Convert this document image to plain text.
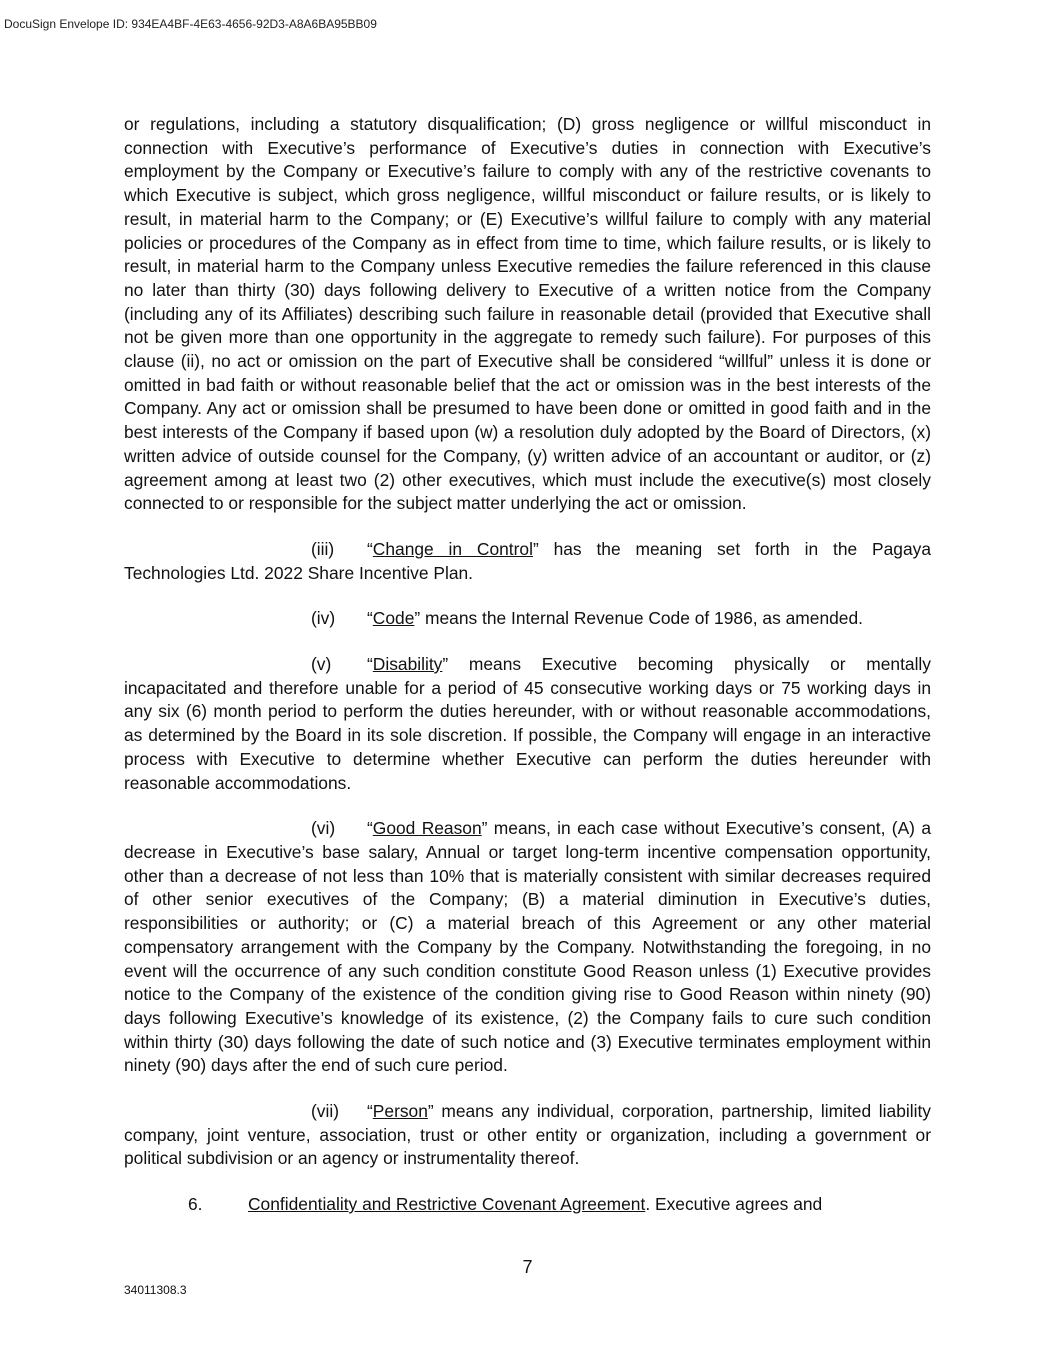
DocuSign Envelope ID: 934EA4BF-4E63-4656-92D3-A8A6BA95BB09

or regulations, including a statutory disqualification; (D) gross negligence or willful misconduct in connection with Executive’s performance of Executive’s duties in connection with Executive’s employment by the Company or Executive’s failure to comply with any of the restrictive covenants to which Executive is subject, which gross negligence, willful misconduct or failure results, or is likely to result, in material harm to the Company; or (E) Executive’s willful failure to comply with any material policies or procedures of the Company as in effect from time to time, which failure results, or is likely to result, in material harm to the Company unless Executive remedies the failure referenced in this clause no later than thirty (30) days following delivery to Executive of a written notice from the Company (including any of its Affiliates) describing such failure in reasonable detail (provided that Executive shall not be given more than one opportunity in the aggregate to remedy such failure). For purposes of this clause (ii), no act or omission on the part of Executive shall be considered “willful” unless it is done or omitted in bad faith or without reasonable belief that the act or omission was in the best interests of the Company. Any act or omission shall be presumed to have been done or omitted in good faith and in the best interests of the Company if based upon (w) a resolution duly adopted by the Board of Directors, (x) written advice of outside counsel for the Company, (y) written advice of an accountant or auditor, or (z) agreement among at least two (2) other executives, which must include the executive(s) most closely connected to or responsible for the subject matter underlying the act or omission.

(iii) “Change in Control” has the meaning set forth in the Pagaya Technologies Ltd. 2022 Share Incentive Plan.

(iv) “Code” means the Internal Revenue Code of 1986, as amended.

(v) “Disability” means Executive becoming physically or mentally incapacitated and therefore unable for a period of 45 consecutive working days or 75 working days in any six (6) month period to perform the duties hereunder, with or without reasonable accommodations, as determined by the Board in its sole discretion. If possible, the Company will engage in an interactive process with Executive to determine whether Executive can perform the duties hereunder with reasonable accommodations.

(vi) “Good Reason” means, in each case without Executive’s consent, (A) a decrease in Executive’s base salary, Annual or target long-term incentive compensation opportunity, other than a decrease of not less than 10% that is materially consistent with similar decreases required of other senior executives of the Company; (B) a material diminution in Executive’s duties, responsibilities or authority; or (C) a material breach of this Agreement or any other material compensatory arrangement with the Company by the Company. Notwithstanding the foregoing, in no event will the occurrence of any such condition constitute Good Reason unless (1) Executive provides notice to the Company of the existence of the condition giving rise to Good Reason within ninety (90) days following Executive’s knowledge of its existence, (2) the Company fails to cure such condition within thirty (30) days following the date of such notice and (3) Executive terminates employment within ninety (90) days after the end of such cure period.

(vii) “Person” means any individual, corporation, partnership, limited liability company, joint venture, association, trust or other entity or organization, including a government or political subdivision or an agency or instrumentality thereof.

6.	Confidentiality and Restrictive Covenant Agreement. Executive agrees and

7
34011308.3
